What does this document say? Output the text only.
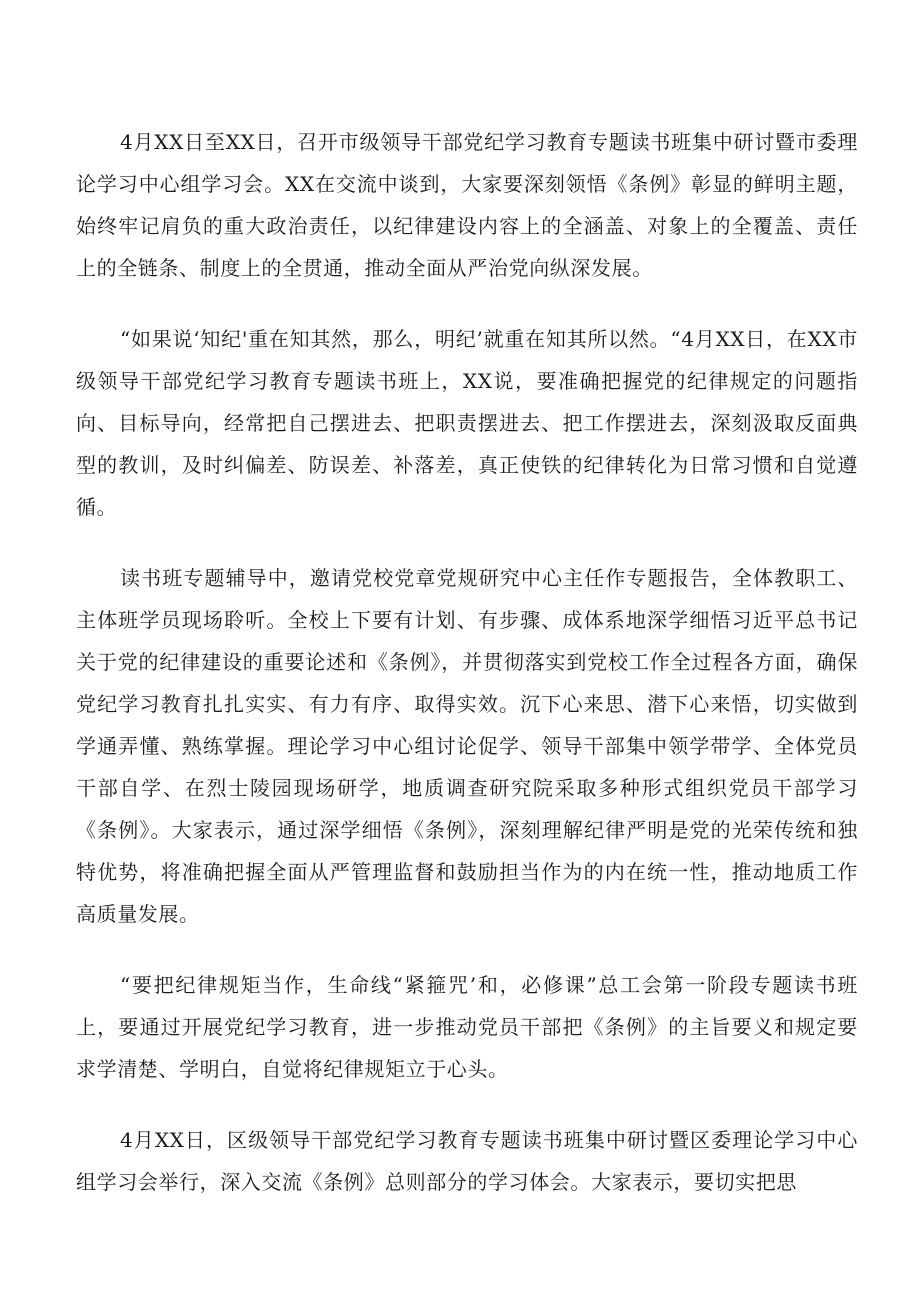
4月XX日至XX日，召开市级领导干部党纪学习教育专题读书班集中研讨暨市委理论学习中心组学习会。XX在交流中谈到，大家要深刻领悟《条例》彰显的鲜明主题，始终牢记肩负的重大政治责任，以纪律建设内容上的全涵盖、对象上的全覆盖、责任上的全链条、制度上的全贯通，推动全面从严治党向纵深发展。

“如果说‘知纪'重在知其然，那么，明纪’就重在知其所以然。“4月XX日，在XX市级领导干部党纪学习教育专题读书班上，XX说，要准确把握党的纪律规定的问题指向、目标导向，经常把自己摆进去、把职责摆进去、把工作摆进去，深刻汲取反面典型的教训，及时纠偏差、防误差、补落差，真正使铁的纪律转化为日常习惯和自觉遵循。

读书班专题辅导中，邀请党校党章党规研究中心主任作专题报告，全体教职工、主体班学员现场聆听。全校上下要有计划、有步骤、成体系地深学细悟习近平总书记关于党的纪律建设的重要论述和《条例》，并贯彻落实到党校工作全过程各方面，确保党纪学习教育扎扎实实、有力有序、取得实效。沉下心来思、潜下心来悟，切实做到学通弄懂、熟练掌握。理论学习中心组讨论促学、领导干部集中领学带学、全体党员干部自学、在烈士陵园现场研学，地质调查研究院采取多种形式组织党员干部学习《条例》。大家表示，通过深学细悟《条例》，深刻理解纪律严明是党的光荣传统和独特优势，将准确把握全面从严管理监督和鼓励担当作为的内在统一性，推动地质工作高质量发展。

“要把纪律规矩当作，生命线“紧箍咒’和，必修课”总工会第一阶段专题读书班上，要通过开展党纪学习教育，进一步推动党员干部把《条例》的主旨要义和规定要求学清楚、学明白，自觉将纪律规矩立于心头。

4月XX日，区级领导干部党纪学习教育专题读书班集中研讨暨区委理论学习中心组学习会举行，深入交流《条例》总则部分的学习体会。大家表示，要切实把思
